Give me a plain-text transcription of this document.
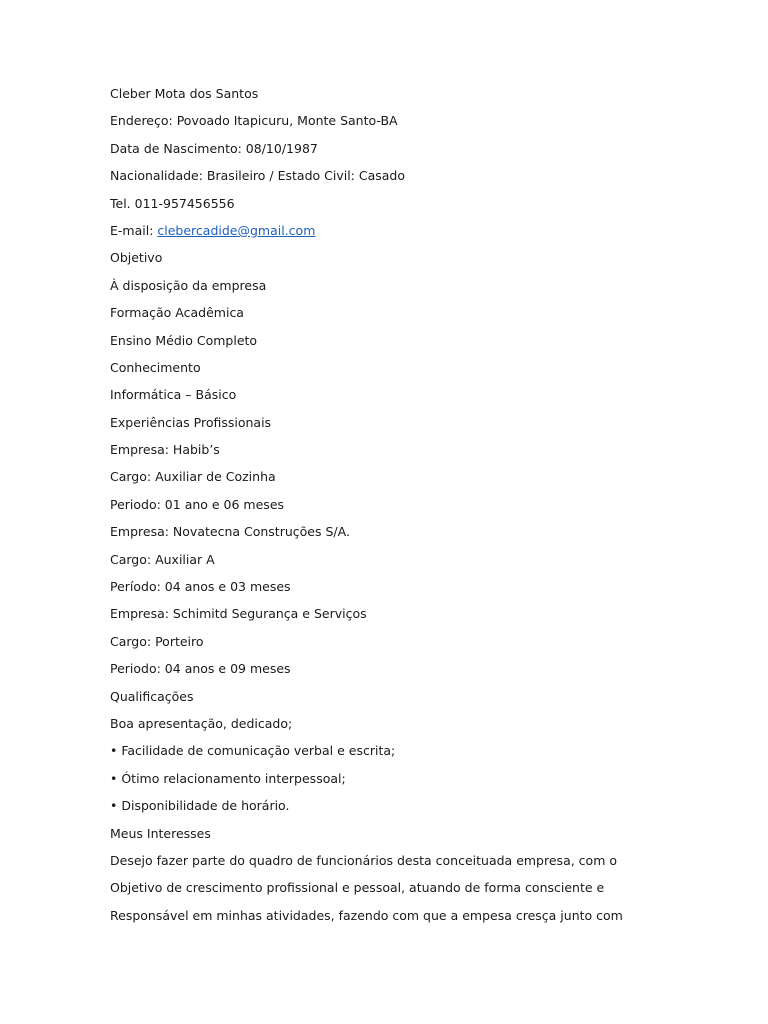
Cleber Mota dos Santos
Endereço: Povoado Itapicuru, Monte Santo-BA
Data de Nascimento: 08/10/1987
Nacionalidade: Brasileiro / Estado Civil: Casado
Tel. 011-957456556
E-mail: clebercadide@gmail.com
Objetivo
À disposição da empresa
Formação Acadêmica
Ensino Médio Completo
Conhecimento
Informática – Básico
Experiências Profissionais
Empresa: Habib’s
Cargo: Auxiliar de Cozinha
Periodo: 01 ano e 06 meses
Empresa: Novatecna Construções S/A.
Cargo: Auxiliar A
Período: 04 anos e 03 meses
Empresa: Schimitd Segurança e Serviços
Cargo: Porteiro
Periodo: 04 anos e 09 meses
Qualificações
Boa apresentação, dedicado;
• Facilidade de comunicação verbal e escrita;
• Ótimo relacionamento interpessoal;
• Disponibilidade de horário.
Meus Interesses
Desejo fazer parte do quadro de funcionários desta conceituada empresa, com o
Objetivo de crescimento profissional e pessoal, atuando de forma consciente e
Responsável em minhas atividades, fazendo com que a empesa cresça junto com
